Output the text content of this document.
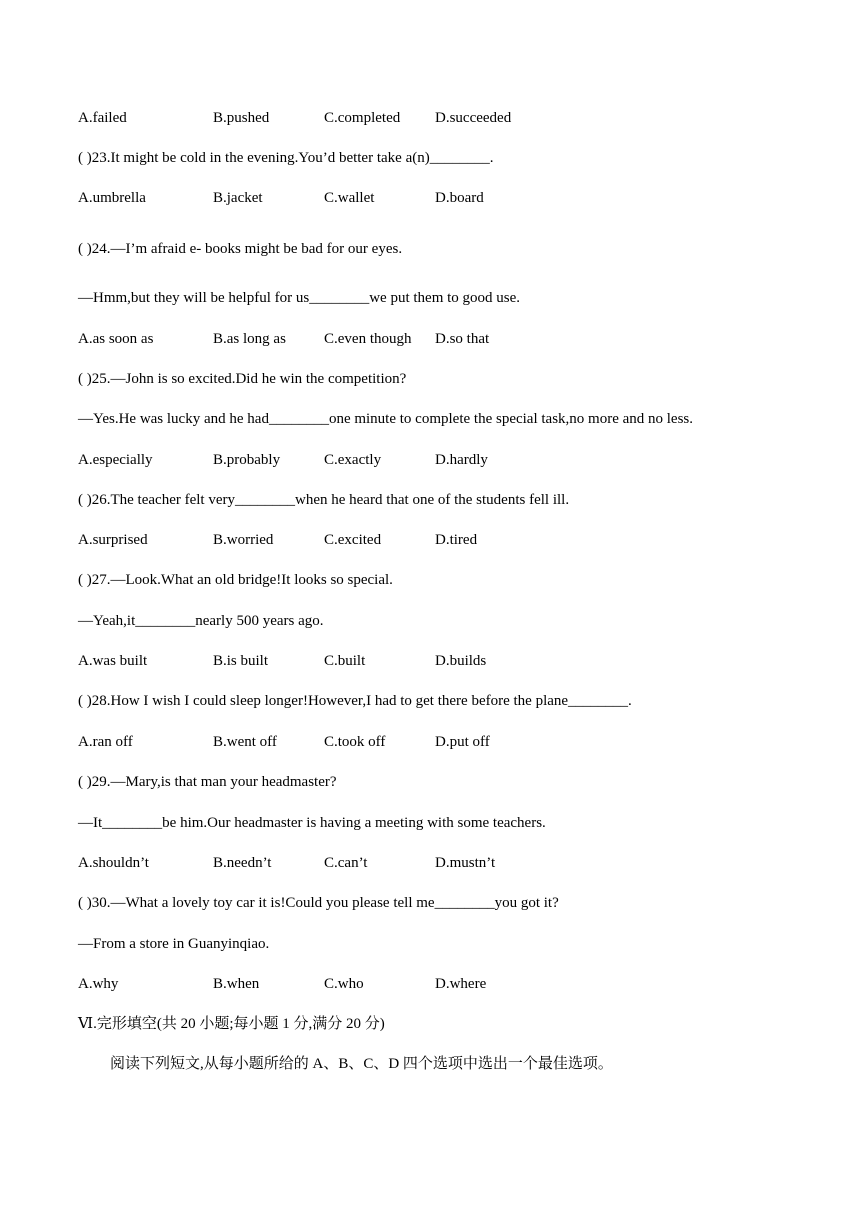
A.failed	B.pushed	C.completed D.succeeded
( )23.It might be cold in the evening.You’d better take a(n)________.
A.umbrella	B.jacket	C.wallet	D.board
( )24.—I’m afraid e- books might be bad for our eyes.
—Hmm,but they will be helpful for us________we put them to good use.
A.as soon as	B.as long as	C.even though D.so that
( )25.—John is so excited.Did he win the competition?
—Yes.He was lucky and he had________one minute to complete the special task,no more and no less.
A.especially	B.probably	C.exactly	D.hardly
( )26.The teacher felt very________when he heard that one of the students fell ill.
A.surprised	B.worried	C.excited	D.tired
( )27.—Look.What an old bridge!It looks so special.
—Yeah,it________nearly 500 years ago.
A.was built	B.is built	C.built	D.builds
( )28.How I wish I could sleep longer!However,I had to get there before the plane________.
A.ran off	B.went off	C.took off	D.put off
( )29.—Mary,is that man your headmaster?
—It________be him.Our headmaster is having a meeting with some teachers.
A.shouldn’t	B.needn’t	C.can’t	D.mustn’t
( )30.—What a lovely toy car it is!Could you please tell me________you got it?
—From a store in Guanyinqiao.
A.why	B.when	C.who	D.where
Ⅵ.完形填空(共 20 小题;每小题 1 分,满分 20 分)
阅读下列短文,从每小题所给的 A、B、C、D 四个选项中选出一个最佳选项。
